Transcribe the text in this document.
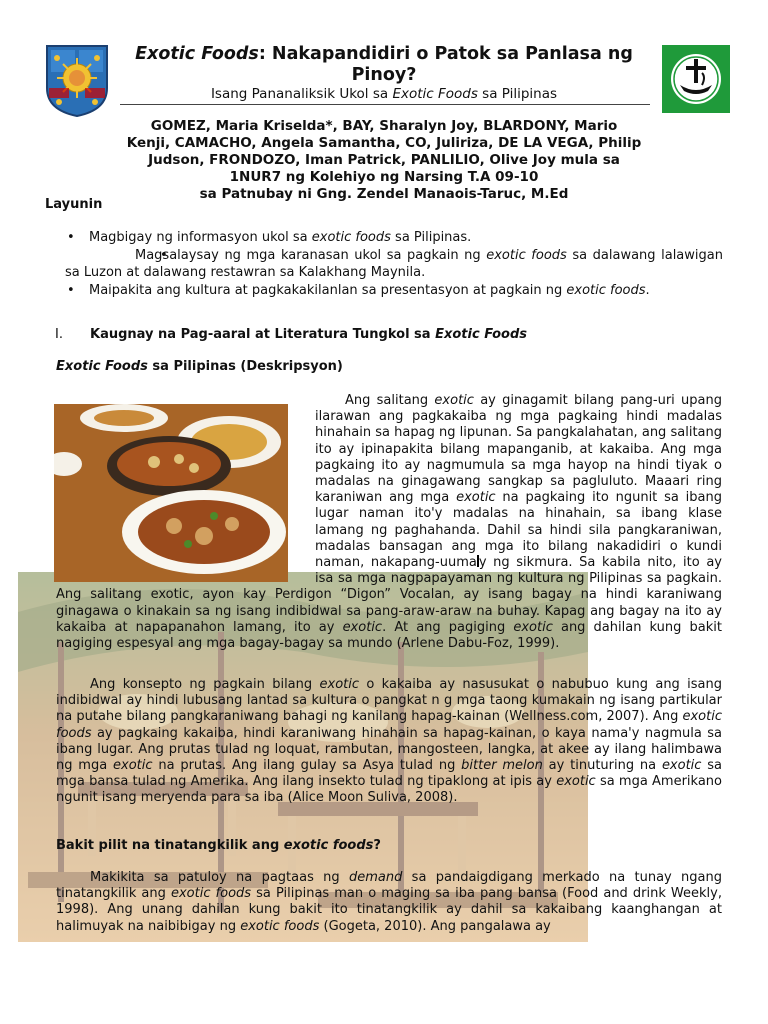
Exotic Foods: Nakapandidiri o Patok sa Panlasa ng Pinoy?
Isang Pananaliksik Ukol sa Exotic Foods sa Pilipinas
GOMEZ, Maria Kriselda*, BAY, Sharalyn Joy, BLARDONY, Mario
Kenji, CAMACHO, Angela Samantha, CO, Juliriza, DE LA VEGA, Philip
Judson, FRONDOZO, Iman Patrick, PANLILIO, Olive Joy mula sa
1NUR7 ng Kolehiyo ng Narsing T.A 09-10
sa Patnubay ni Gng. Zendel Manaois-Taruc, M.Ed
Layunin
• Magbigay ng informasyon ukol sa exotic foods sa Pilipinas.
• Magsalaysay ng mga karanasan ukol sa pagkain ng exotic foods sa dalawang lalawigan sa Luzon at dalawang restawran sa Kalakhang Maynila.
• Maipakita ang kultura at pagkakakilanlan sa presentasyon at pagkain ng exotic foods.
I. Kaugnay na Pag-aaral at Literatura Tungkol sa Exotic Foods
Exotic Foods sa Pilipinas (Deskripsyon)

Ang salitang exotic ay ginagamit bilang pang-uri upang ilarawan ang pagkakaiba ng mga pagkaing hindi madalas hinahain sa hapag ng lipunan. Sa pangkalahatan, ang salitang ito ay ipinapakita bilang mapanganib, at kakaiba. Ang mga pagkaing ito ay nagmumula sa mga hayop na hindi tiyak o madalas na ginagawang sangkap sa pagluluto. Maaari ring karaniwan ang mga exotic na pagkaing ito ngunit sa ibang lugar naman ito'y madalas na hinahain, sa ibang klase lamang ng paghahanda. Dahil sa hindi sila pangkaraniwan, madalas bansagan ang mga ito bilang nakadidiri o kundi naman, nakapang-uuma y ng sikmura. Sa kabila nito, ito ay isa sa mga nagpapayaman ng kultura ng Pilipinas sa pagkain. Ang salitang exotic, ayon kay Perdigon “Digon” Vocalan, ay isang bagay na hindi karaniwang ginagawa o kinakain sa ng isang indibidwal sa pang-araw-araw na buhay. Kapag ang bagay na ito ay kakaiba at napapanahon lamang, ito ay exotic. At ang pagiging exotic ang dahilan kung bakit nagiging espesyal ang mga bagay-bagay sa mundo (Arlene Dabu-Foz, 1999).

Ang konsepto ng pagkain bilang exotic o kakaiba ay nasusukat o nabubuo kung ang isang indibidwal ay hindi lubusang lantad sa kultura o pangkat n g mga taong kumakain ng isang partikular na putahe bilang pangkaraniwang bahagi ng kanilang hapag-kainan (Wellness.com, 2007). Ang exotic foods ay pagkaing kakaiba, hindi karaniwang hinahain sa hapag-kainan, o kaya nama'y nagmula sa ibang lugar. Ang prutas tulad ng loquat, rambutan, mangosteen, langka, at akee ay ilang halimbawa ng mga exotic na prutas. Ang ilang gulay sa Asya tulad ng bitter melon ay tinuturing na exotic sa mga bansa tulad ng Amerika. Ang ilang insekto tulad ng tipaklong at ipis ay exotic sa mga Amerikano ngunit isang meryenda para sa iba (Alice Moon Suliva, 2008).

Bakit pilit na tinatangkilik ang exotic foods?

Makikita sa patuloy na pagtaas ng demand sa pandaigdigang merkado na tunay ngang tinatangkilik ang exotic foods sa Pilipinas man o maging sa iba pang bansa (Food and drink Weekly, 1998). Ang unang dahilan kung bakit ito tinatangkilik ay dahil sa kakaibang kaanghangan at halimuyak na naibibigay ng exotic foods (Gogeta, 2010). Ang pangalawa ay
